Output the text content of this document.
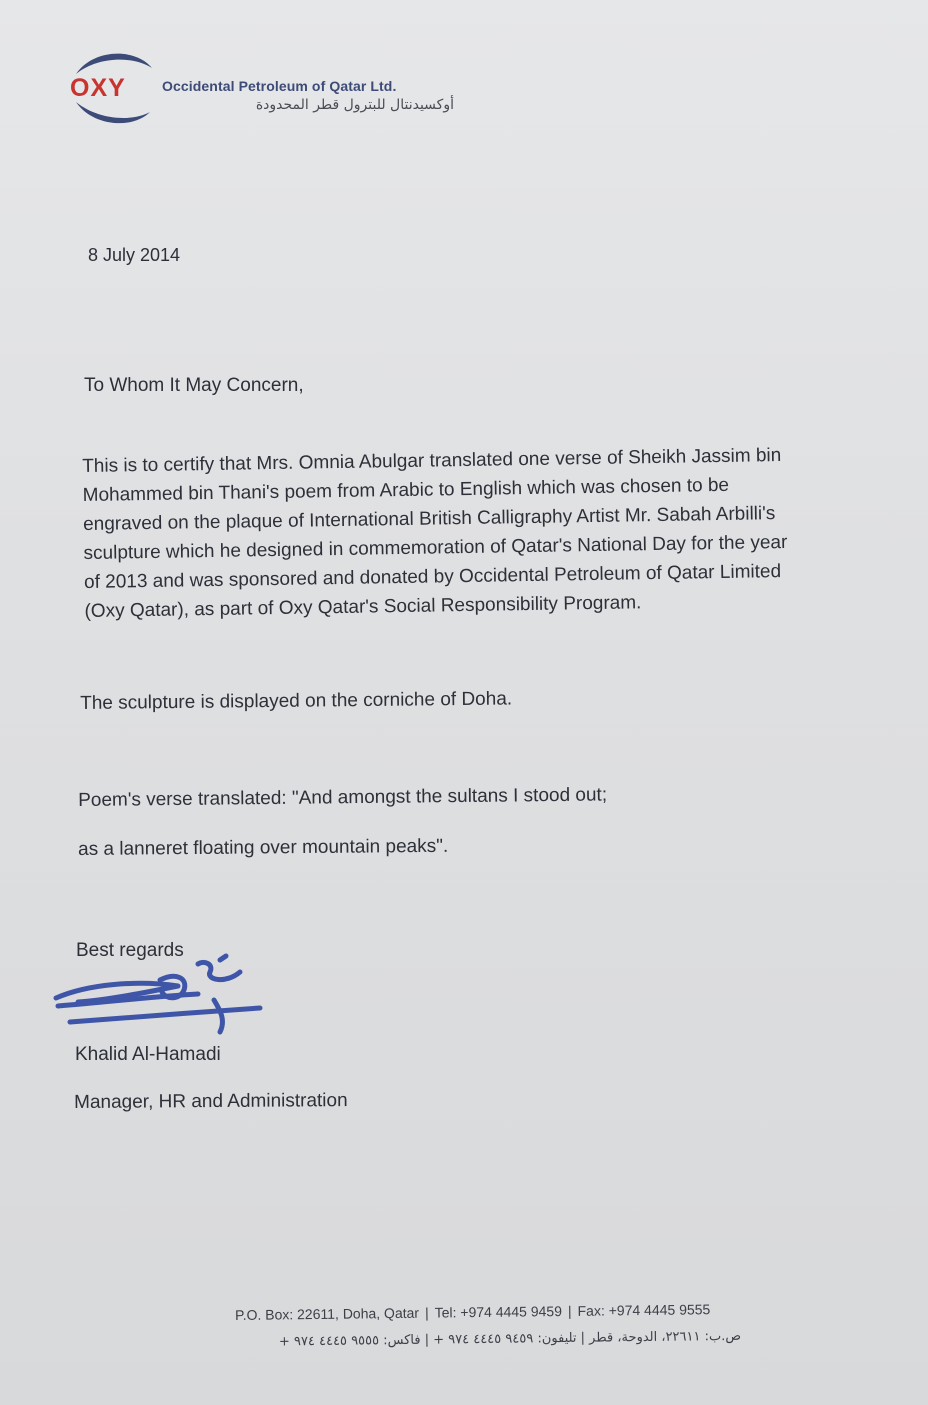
OXY	Occidental Petroleum of Qatar Ltd.
أوكسيدنتال للبترول قطر المحدودة
8 July 2014
To Whom It May Concern,
This is to certify that Mrs. Omnia Abulgar translated one verse of Sheikh Jassim bin
Mohammed bin Thani's poem from Arabic to English which was chosen to be
engraved on the plaque of International British Calligraphy Artist Mr. Sabah Arbilli's
sculpture which he designed in commemoration of Qatar's National Day for the year
of 2013 and was sponsored and donated by Occidental Petroleum of Qatar Limited
(Oxy Qatar), as part of Oxy Qatar's Social Responsibility Program.
The sculpture is displayed on the corniche of Doha.
Poem's verse translated: "And amongst the sultans I stood out;
as a lanneret floating over mountain peaks".
Best regards
Khalid Al-Hamadi
Manager, HR and Administration
P.O. Box: 22611, Doha, Qatar | Tel: +974 4445 9459 | Fax: +974 4445 9555
ص.ب: ٢٢٦١١، الدوحة، قطر | تليفون: ٩٤٥٩ ٤٤٤٥ ٩٧٤ + | فاكس: ٩٥٥٥ ٤٤٤٥ ٩٧٤ +
